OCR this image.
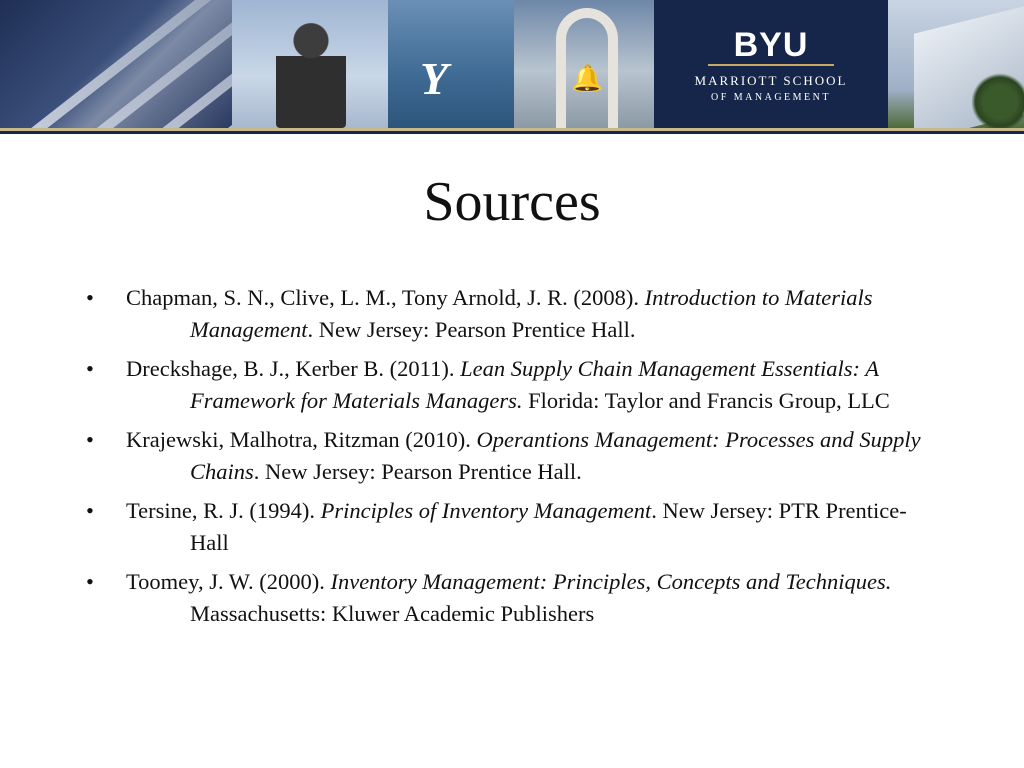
Y	🔔
BYU
MARRIOTT SCHOOL
OF MANAGEMENT
Sources
• Chapman, S. N., Clive, L. M., Tony Arnold, J. R. (2008). Introduction to Materials Management. New Jersey: Pearson Prentice Hall.
• Dreckshage, B. J., Kerber B. (2011). Lean Supply Chain Management Essentials: A Framework for Materials Managers. Florida: Taylor and Francis Group, LLC
• Krajewski, Malhotra, Ritzman (2010). Operantions Management: Processes and Supply Chains. New Jersey: Pearson Prentice Hall.
• Tersine, R. J. (1994). Principles of Inventory Management. New Jersey: PTR Prentice-Hall
• Toomey, J. W. (2000). Inventory Management: Principles, Concepts and Techniques. Massachusetts: Kluwer Academic Publishers
